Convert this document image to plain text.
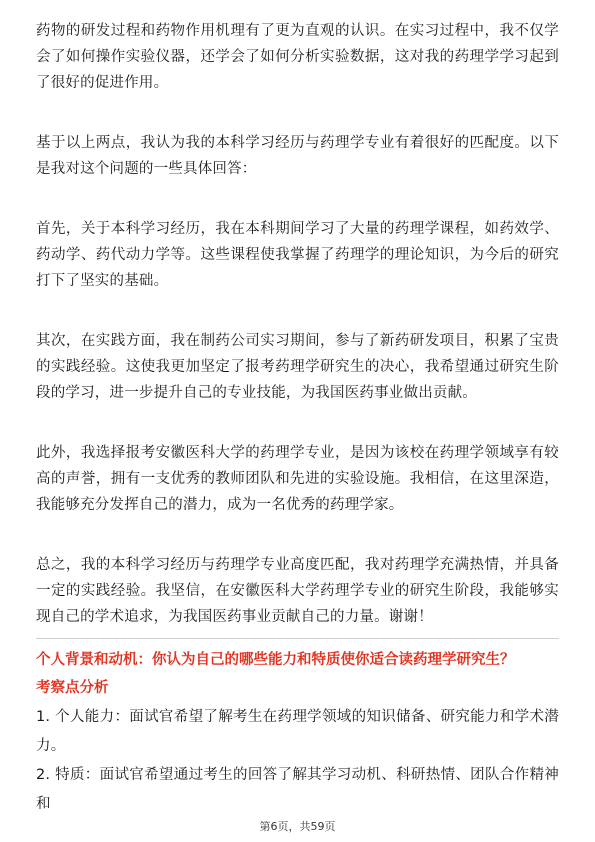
药物的研发过程和药物作用机理有了更为直观的认识。在实习过程中，我不仅学会了如何操作实验仪器，还学会了如何分析实验数据，这对我的药理学学习起到了很好的促进作用。

基于以上两点，我认为我的本科学习经历与药理学专业有着很好的匹配度。以下是我对这个问题的一些具体回答：

首先，关于本科学习经历，我在本科期间学习了大量的药理学课程，如药效学、药动学、药代动力学等。这些课程使我掌握了药理学的理论知识，为今后的研究打下了坚实的基础。

其次，在实践方面，我在制药公司实习期间，参与了新药研发项目，积累了宝贵的实践经验。这使我更加坚定了报考药理学研究生的决心，我希望通过研究生阶段的学习，进一步提升自己的专业技能，为我国医药事业做出贡献。

此外，我选择报考安徽医科大学的药理学专业，是因为该校在药理学领域享有较高的声誉，拥有一支优秀的教师团队和先进的实验设施。我相信，在这里深造，我能够充分发挥自己的潜力，成为一名优秀的药理学家。

总之，我的本科学习经历与药理学专业高度匹配，我对药理学充满热情，并具备一定的实践经验。我坚信，在安徽医科大学药理学专业的研究生阶段，我能够实现自己的学术追求，为我国医药事业贡献自己的力量。谢谢！

个人背景和动机：你认为自己的哪些能力和特质使你适合读药理学研究生？

考察点分析

1. 个人能力：面试官希望了解考生在药理学领域的知识储备、研究能力和学术潜力。

2. 特质：面试官希望通过考生的回答了解其学习动机、科研热情、团队合作精神和

第6页，共59页
